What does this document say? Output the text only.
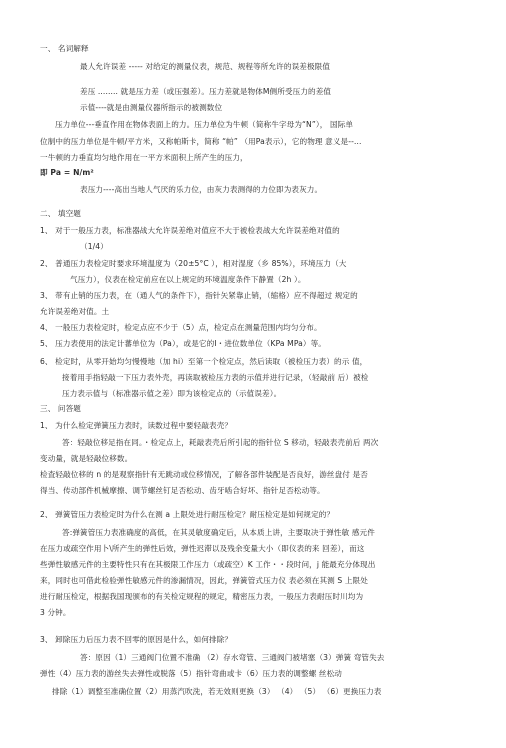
一、 名词解释
最人允许误差 ----- 对给定的测量仪表，规范、规程等所允许的误差极限值
差压 ........ 就是压力差（或压强差）。压力差就是物体M侧所受压力的差值
示值----就是由测量仪器所指示的被测数位
压力单位---垂直作用在物体表面上的力。压力单位为牛顿（简称牛字母为“N”）， 国际单
位制中的压力单位是牛顿/平方米，又称帕斯卡，简称 “帕” （用Pa表示），它的物理 意义是--…
一牛顿的力垂直均匀地作用在一平方米面积上所产生的压力，
即 Pa = N/m²
表压力----高出当地人气厌的乐力位，由灰力表测得的力位即为表灰力。
二、 填空题
1、 对于一般压力表，标准器战大允许误差绝对值应不大于被检表战大允许误差绝对值的
（1/4）
2、 普通压力表检定时要求环境温度为（20±5°C ），相对湿度（乡 85%），环境压力（大
气压力），仪表在检定前应在以上规定的环境温度条件下静置（2h ）。
3、 带有止销的压力表，在（通人气的条件下），指针矢紧靠止销，（缩格）应不得超过 规定的
允许误差绝对值。土
4、 一般压力表检定时，检定点应不少于（5）点，检定点在测量范围内均匀分布。
5、 压力表使用的法定计蕃单位为（Pa），或是它的I・进位数单位（KPa MPa）等。
6、 检定时，从零开始均匀慢慢地（加 hi）至第一个检定点，然后读取（被检压力表）的示 值，
接着用手指轻敲一下压力表外壳，再读取被检压力表的示值并进行记录，（轻敲前 后）被检
压力表示值与（标准器示值之差）即为该检定点的（示值误差）。
三、 问答题
1、 为什么检定弹簧压力表时，读数过程中要轻敲表壳？
答：轻敲位移足指在同。・检定点上，耗敲表壳后所引起的指针位 S 移动，轻敲表壳前后 两次
变动量，就是轻敲位移数。
检査轻敲位移的 n 的是观察指针有无跳动或位移情况，了解各部件装配是否良好，游丝盘付 是否
得当、传动部件机械摩擦、调节螺丝钉足否松动、齿牙啮合好坏、指针足否松动等。
2、 弹簧管压力表检定时为什么在测 a 上限处进行耐压检定？耐压检定是如何规定的？
答:弹簧管压力表准确度的高低，在其灵敏度确定后，从本质上讲，主要取决于弹性敏 感元件
在压力或疏空作用卜\所产生的弹性后效，弹性迟滞以及残余变量大小（即仪表的来 回差），而这
些弹性敏感元件的主要特性只有在其极限工作压力（或疏空）K 工作・・段时问，j 能最充分体现出
来，同时也可借此检验弹性敏感元件的渗漏情况，因此，弹簧管式压力仪 表必须在其测 S 上限处
进行耐压检定，根据我国现颁布的有关检定规程的规定，精密压力表，一般压力表耐压时川均为
3 分钟。
3、 卸除压力后压力表不回零的原因是什么，如何排除？
答：原因（1）三通阀门位置不准确 （2）存水弯管、三通阀门被堵塞（3）弹簧 弯管失去
弹性（4）压力表的游丝失去弹性或脱落（5）指针弯曲或卡（6）压力表的调整螺 丝松动
排除（1）调整至准确位置（2）用蒸汽吹洗，若无效则更换（3） （4） （5） （6）更换压力表
